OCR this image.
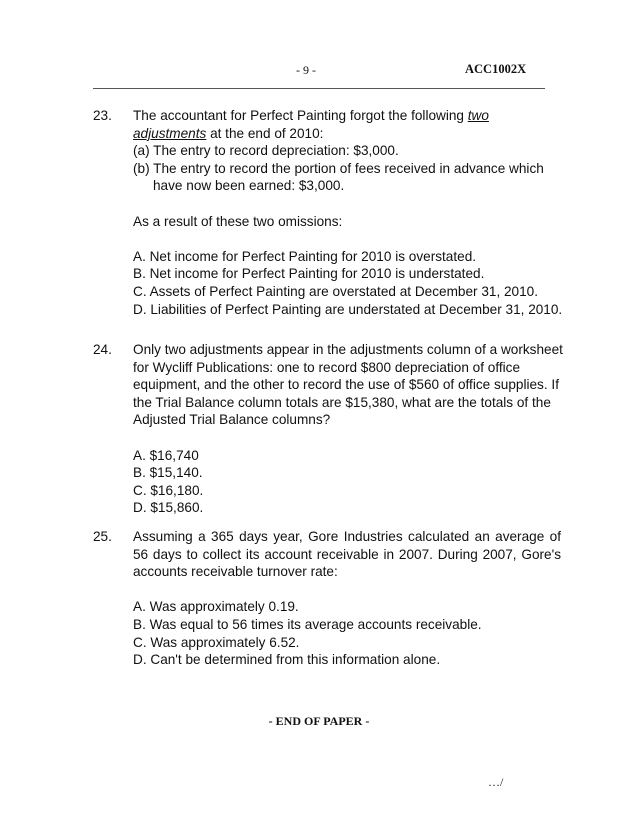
- 9 -	ACC1002X
23. The accountant for Perfect Painting forgot the following two
adjustments at the end of 2010:

(a) The entry to record depreciation: $3,000.

(b) The entry to record the portion of fees received in advance which have now been earned: $3,000.

As a result of these two omissions:

A. Net income for Perfect Painting for 2010 is overstated.

B. Net income for Perfect Painting for 2010 is understated.

C. Assets of Perfect Painting are overstated at December 31, 2010.

D. Liabilities of Perfect Painting are understated at December 31, 2010.

24. Only two adjustments appear in the adjustments column of a worksheet for Wycliff Publications: one to record $800 depreciation of office equipment, and the other to record the use of $560 of office supplies. If the Trial Balance column totals are $15,380, what are the totals of the Adjusted Trial Balance columns?

A. $16,740

B. $15,140.

C. $16,180.

D. $15,860.

25. Assuming a 365 days year, Gore Industries calculated an average of 56 days to collect its account receivable in 2007. During 2007, Gore's accounts receivable turnover rate:

A. Was approximately 0.19.

B. Was equal to 56 times its average accounts receivable.

C. Was approximately 6.52.

D. Can't be determined from this information alone.

- END OF PAPER -
…/
